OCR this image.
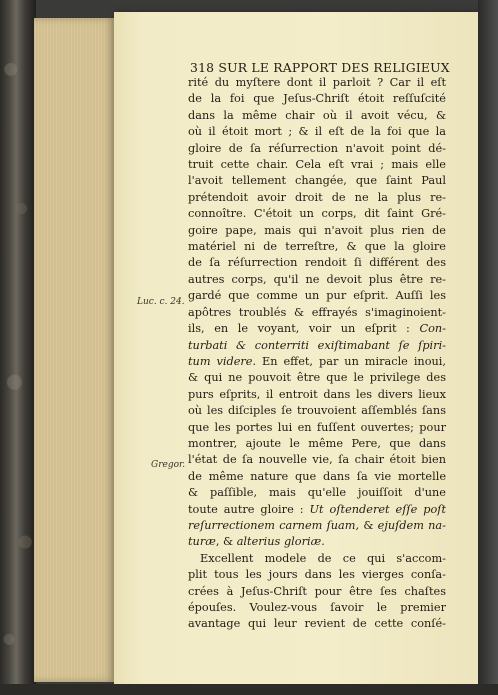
318 SUR LE RAPPORT DES RELIGIEUX
Luc. c. 24.
Gregor.
rité du myſtere dont il parloit ? Car il eſt
de la foi que Jeſus-Chriſt étoit reſſuſcité
dans la même chair où il avoit vécu, &
où il étoit mort ; & il eſt de la foi que la
gloire de ſa réſurrection n'avoit point dé-
truit cette chair. Cela eſt vrai ; mais elle
l'avoit tellement changée, que ſaint Paul
prétendoit avoir droit de ne la plus re-
connoître. C'étoit un corps, dit ſaint Gré-
goire pape, mais qui n'avoit plus rien de
matériel ni de terreſtre, & que la gloire
de ſa réſurrection rendoit ſi différent des
autres corps, qu'il ne devoit plus être re-
gardé que comme un pur eſprit. Auſſi les
apôtres troublés & effrayés s'imaginoient-
ils, en le voyant, voir un eſprit : Con-
turbati & conterriti exiſtimabant ſe ſpiri-
tum videre. En effet, par un miracle inoui,
& qui ne pouvoit être que le privilege des
purs eſprits, il entroit dans les divers lieux
où les diſciples ſe trouvoient aſſemblés ſans
que les portes lui en fuſſent ouvertes; pour
montrer, ajoute le même Pere, que dans
l'état de ſa nouvelle vie, ſa chair étoit bien
de même nature que dans ſa vie mortelle
& paſſible, mais qu'elle jouiſſoit d'une
toute autre gloire : Ut oſtenderet eſſe poſt
reſurrectionem carnem ſuam, & ejuſdem na-
turæ, & alterius gloriæ.
Excellent modele de ce qui s'accom-
plit tous les jours dans les vierges conſa-
crées à Jeſus-Chriſt pour être ſes chaſtes
épouſes. Voulez-vous ſavoir le premier
avantage qui leur revient de cette conſé-
